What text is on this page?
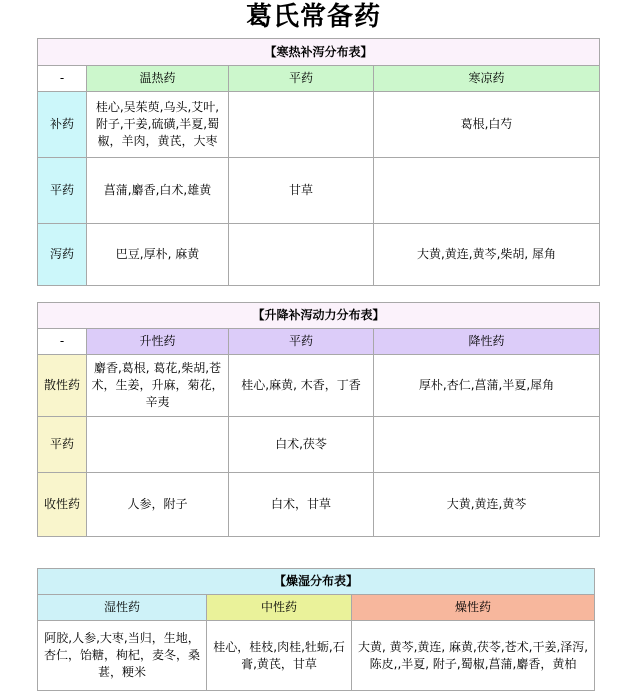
葛氏常备药
【寒热补泻分布表】			
-	温热药	平药	寒凉药
补药	桂心,吴茱萸,乌头,艾叶,附子,干姜,硫磺,半夏,蜀椒，羊肉，黄芪，大枣		葛根,白芍
平药	菖蒲,麝香,白术,雄黄	甘草	
泻药	巴豆,厚朴, 麻黄		大黄,黄连,黄芩,柴胡, 犀角
【升降补泻动力分布表】			
-	升性药	平药	降性药
散性药	麝香,葛根, 葛花,柴胡,苍术，生姜，升麻，菊花，辛夷	桂心,麻黄, 木香，丁香	厚朴,杏仁,菖蒲,半夏,犀角
平药		白术,茯苓	
收性药	人参，附子	白术，甘草	大黄,黄连,黄芩
【燥湿分布表】		
湿性药	中性药	燥性药
阿胶,人参,大枣,当归，生地，杏仁，饴糖，枸杞，麦冬，桑葚，粳米	桂心，桂枝,肉桂,牡蛎,石膏,黄芪，甘草	大黄, 黄芩,黄连, 麻黄,茯苓,苍术,干姜,泽泻,陈皮,,半夏, 附子,蜀椒,菖蒲,麝香，黄柏
